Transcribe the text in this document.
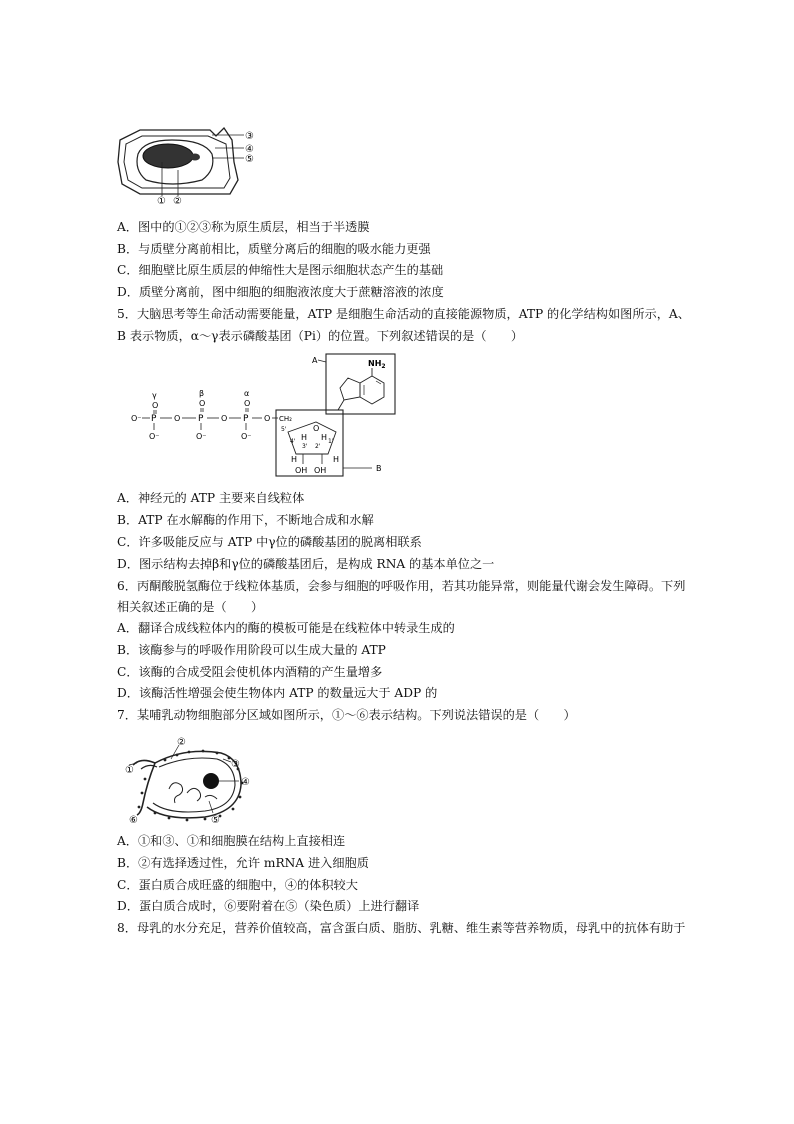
③
④
⑤
① ②
A．图中的①②③称为原生质层，相当于半透膜
B．与质壁分离前相比，质壁分离后的细胞的吸水能力更强
C．细胞壁比原生质层的伸缩性大是图示细胞状态产生的基础
D．质壁分离前，图中细胞的细胞液浓度大于蔗糖溶液的浓度
5．大脑思考等生命活动需要能量，ATP 是细胞生命活动的直接能源物质，ATP 的化学结构如图所示，A、
B 表示物质，α～γ表示磷酸基团（Pi）的位置。下列叙述错误的是（　　）
A	$NH_2$
O
5'
4'
3' 2'
1'
H
H H
H
OH OH	B
γ	β	α
O	O	O
O⁻ P O P O P O CH₂
O⁻	O⁻	O⁻
A．神经元的 ATP 主要来自线粒体
B．ATP 在水解酶的作用下，不断地合成和水解
C．许多吸能反应与 ATP 中γ位的磷酸基团的脱离相联系
D．图示结构去掉β和γ位的磷酸基团后，是构成 RNA 的基本单位之一
6．丙酮酸脱氢酶位于线粒体基质，会参与细胞的呼吸作用，若其功能异常，则能量代谢会发生障碍。下列
相关叙述正确的是（　　）
A．翻译合成线粒体内的酶的模板可能是在线粒体中转录生成的
B．该酶参与的呼吸作用阶段可以生成大量的 ATP
C．该酶的合成受阻会使机体内酒精的产生量增多
D．该酶活性增强会使生物体内 ATP 的数量远大于 ADP 的
7．某哺乳动物细胞部分区域如图所示，①～⑥表示结构。下列说法错误的是（　　）
①
②
③
④
⑤
⑥
A．①和③、①和细胞膜在结构上直接相连
B．②有选择透过性，允许 mRNA 进入细胞质
C．蛋白质合成旺盛的细胞中，④的体积较大
D．蛋白质合成时，⑥要附着在⑤（染色质）上进行翻译
8．母乳的水分充足，营养价值较高，富含蛋白质、脂肪、乳糖、维生素等营养物质，母乳中的抗体有助于
